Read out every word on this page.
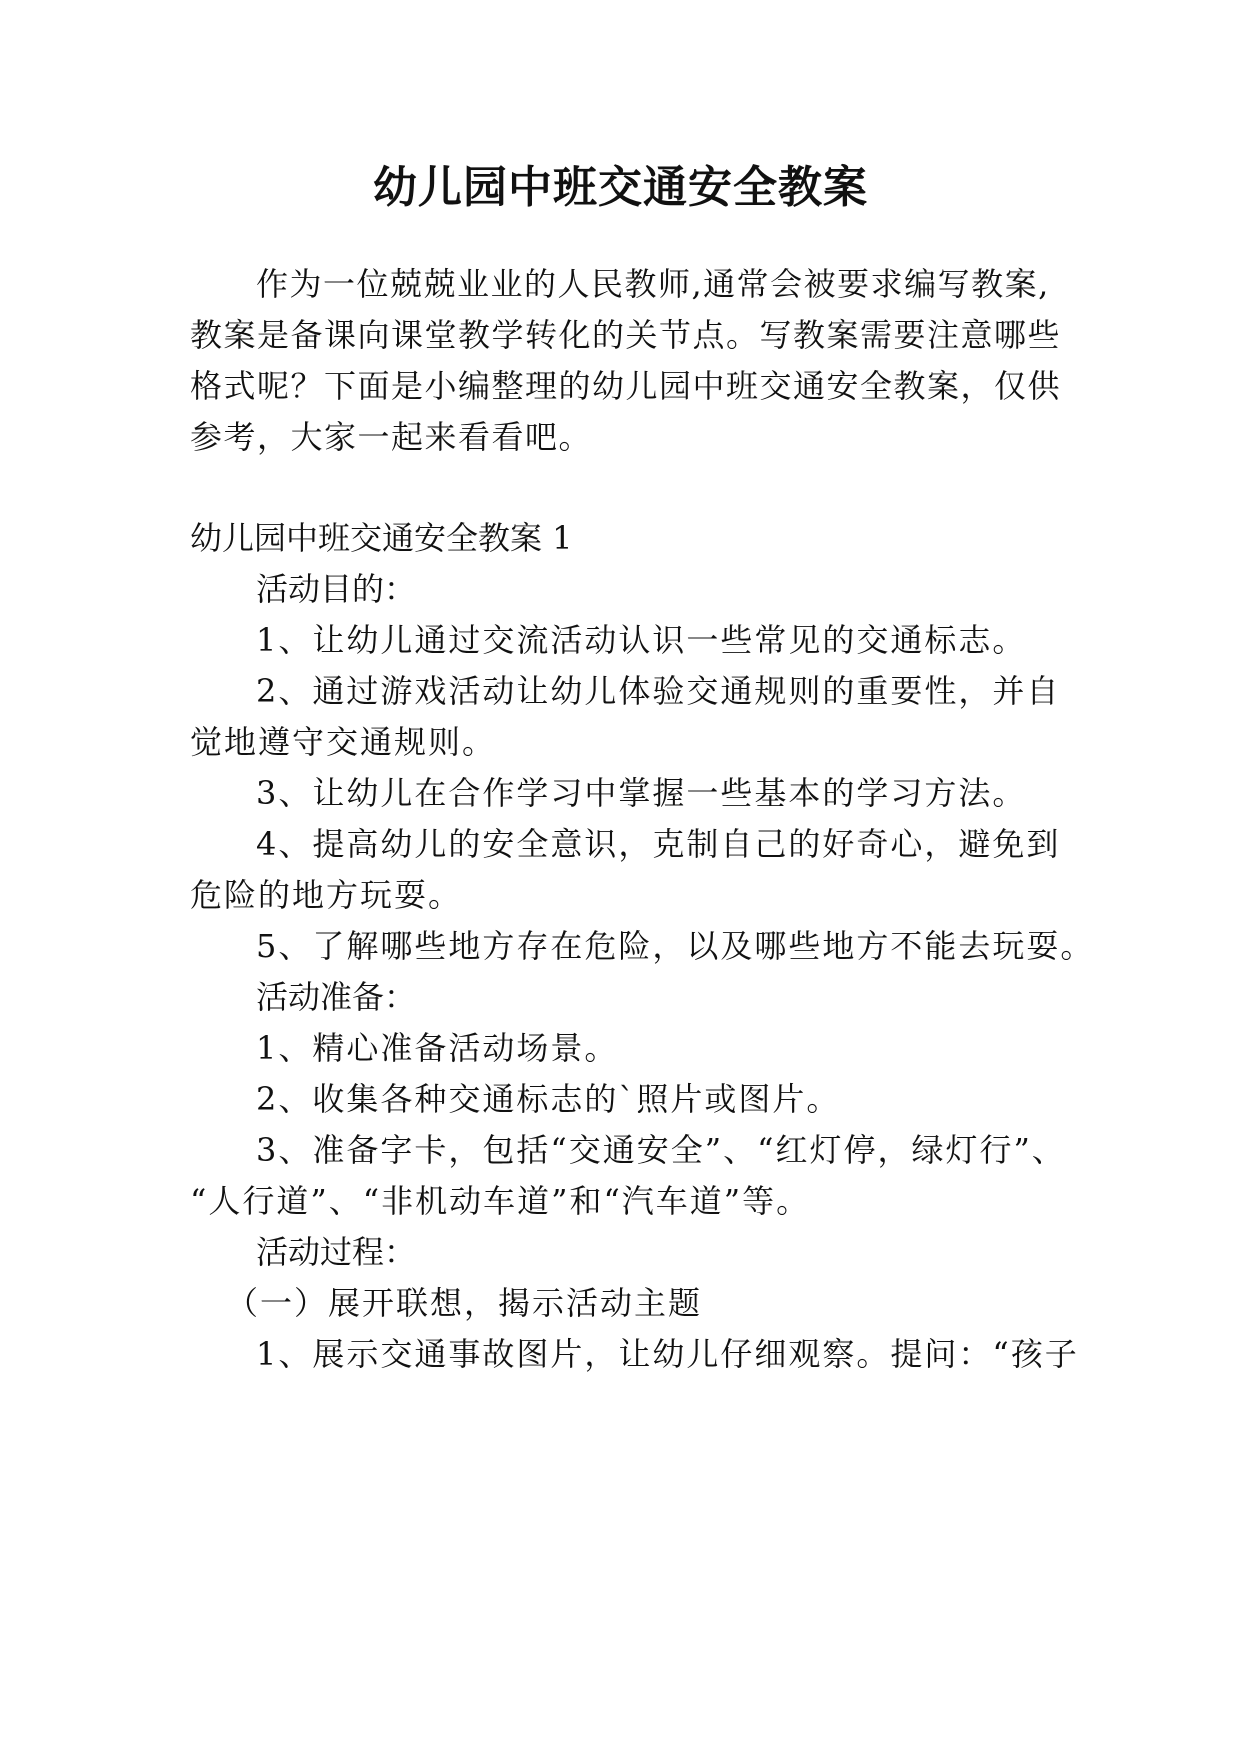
幼儿园中班交通安全教案

作为一位兢兢业业的人民教师,通常会被要求编写教案,

教案是备课向课堂教学转化的关节点。写教案需要注意哪些

格式呢？下面是小编整理的幼儿园中班交通安全教案，仅供

参考，大家一起来看看吧。

幼儿园中班交通安全教案 1

活动目的：

1、让幼儿通过交流活动认识一些常见的交通标志。

2、通过游戏活动让幼儿体验交通规则的重要性，并自

觉地遵守交通规则。

3、让幼儿在合作学习中掌握一些基本的学习方法。

4、提高幼儿的安全意识，克制自己的好奇心，避免到

危险的地方玩耍。

5、了解哪些地方存在危险，以及哪些地方不能去玩耍。

活动准备：

1、精心准备活动场景。

2、收集各种交通标志的`照片或图片。

3、准备字卡，包括“交通安全”、“红灯停，绿灯行”、

“人行道”、“非机动车道”和“汽车道”等。

活动过程：

（一）展开联想，揭示活动主题

1、展示交通事故图片，让幼儿仔细观察。提问：“孩子
